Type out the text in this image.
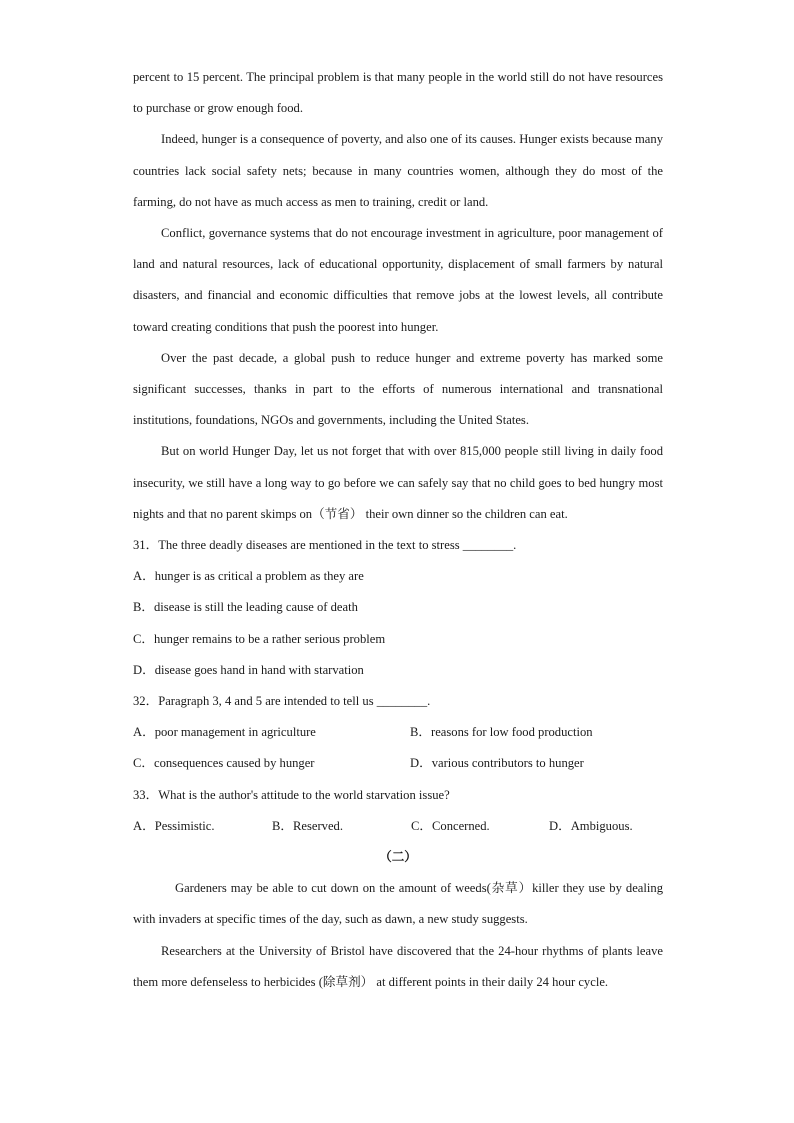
percent to 15 percent. The principal problem is that many people in the world still do not have resources to purchase or grow enough food.

Indeed, hunger is a consequence of poverty, and also one of its causes. Hunger exists because many countries lack social safety nets; because in many countries women, although they do most of the farming, do not have as much access as men to training, credit or land.

Conflict, governance systems that do not encourage investment in agriculture, poor management of land and natural resources, lack of educational opportunity, displacement of small farmers by natural disasters, and financial and economic difficulties that remove jobs at the lowest levels, all contribute toward creating conditions that push the poorest into hunger.

Over the past decade, a global push to reduce hunger and extreme poverty has marked some significant successes, thanks in part to the efforts of numerous international and transnational institutions, foundations, NGOs and governments, including the United States.

But on world Hunger Day, let us not forget that with over 815,000 people still living in daily food insecurity, we still have a long way to go before we can safely say that no child goes to bed hungry most nights and that no parent skimps on（节省） their own dinner so the children can eat.

31．The three deadly diseases are mentioned in the text to stress ________.
A．hunger is as critical a problem as they are
B．disease is still the leading cause of death
C．hunger remains to be a rather serious problem
D．disease goes hand in hand with starvation
32．Paragraph 3, 4 and 5 are intended to tell us ________.
A．poor management in agriculture	B．reasons for low food production
C．consequences caused by hunger	D．various contributors to hunger
33．What is the author's attitude to the world starvation issue?
A．Pessimistic.	B．Reserved.	C．Concerned.	D．Ambiguous.

（二）

Gardeners may be able to cut down on the amount of weeds(杂草）killer they use by dealing with invaders at specific times of the day, such as dawn, a new study suggests.

Researchers at the University of Bristol have discovered that the 24-hour rhythms of plants leave them more defenseless to herbicides (除草剂） at different points in their daily 24 hour cycle.
